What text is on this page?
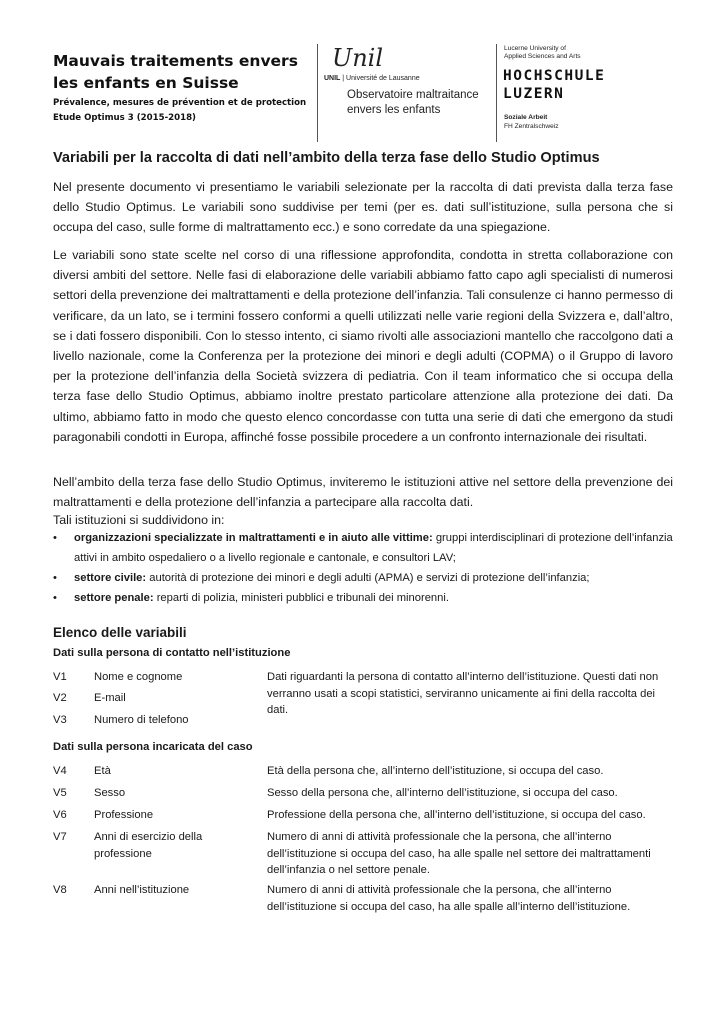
Mauvais traitements envers
les enfants en Suisse
Prévalence, mesures de prévention et de protection
Etude Optimus 3 (2015-2018)
Unil
UNIL | Université de Lausanne
Observatoire maltraitance
envers les enfants
Lucerne University of
Applied Sciences and Arts
HOCHSCHULE
LUZERN
Soziale Arbeit
FH Zentralschweiz
Variabili per la raccolta di dati nell’ambito della terza fase dello Studio Optimus
Nel presente documento vi presentiamo le variabili selezionate per la raccolta di dati prevista dalla terza fase dello Studio Optimus. Le variabili sono suddivise per temi (per es. dati sull’istituzione, sulla persona che si occupa del caso, sulle forme di maltrattamento ecc.) e sono corredate da una spiegazione.
Le variabili sono state scelte nel corso di una riflessione approfondita, condotta in stretta collaborazione con diversi ambiti del settore. Nelle fasi di elaborazione delle variabili abbiamo fatto capo agli specialisti di numerosi settori della prevenzione dei maltrattamenti e della protezione dell’infanzia. Tali consulenze ci hanno permesso di verificare, da un lato, se i termini fossero conformi a quelli utilizzati nelle varie regioni della Svizzera e, dall’altro, se i dati fossero disponibili. Con lo stesso intento, ci siamo rivolti alle associazioni mantello che raccolgono dati a livello nazionale, come la Conferenza per la protezione dei minori e degli adulti (COPMA) o il Gruppo di lavoro per la protezione dell’infanzia della Società svizzera di pediatria. Con il team informatico che si occupa della terza fase dello Studio Optimus, abbiamo inoltre prestato particolare attenzione alla protezione dei dati. Da ultimo, abbiamo fatto in modo che questo elenco concordasse con tutta una serie di dati che emergono da studi paragonabili condotti in Europa, affinché fosse possibile procedere a un confronto internazionale dei risultati.
Nell’ambito della terza fase dello Studio Optimus, inviteremo le istituzioni attive nel settore della prevenzione dei maltrattamenti e della protezione dell’infanzia a partecipare alla raccolta dati.
Tali istituzioni si suddividono in:
• organizzazioni specializzate in maltrattamenti e in aiuto alle vittime: gruppi interdisciplinari di protezione dell’infanzia attivi in ambito ospedaliero o a livello regionale e cantonale, e consultori LAV;
• settore civile: autorità di protezione dei minori e degli adulti (APMA) e servizi di protezione dell’infanzia;
• settore penale: reparti di polizia, ministeri pubblici e tribunali dei minorenni.
Elenco delle variabili
Dati sulla persona di contatto nell’istituzione
V1 Nome e cognome
V2 E-mail
V3 Numero di telefono
Dati riguardanti la persona di contatto all’interno dell’istituzione. Questi dati non verranno usati a scopi statistici, serviranno unicamente ai fini della raccolta dei dati.
Dati sulla persona incaricata del caso
V4 Età	Età della persona che, all’interno dell’istituzione, si occupa del caso.
V5 Sesso	Sesso della persona che, all’interno dell’istituzione, si occupa del caso.
V6 Professione	Professione della persona che, all’interno dell’istituzione, si occupa del caso.
V7 Anni di esercizio della professione
Numero di anni di attività professionale che la persona, che all’interno dell’istituzione si occupa del caso, ha alle spalle nel settore dei maltrattamenti dell’infanzia o nel settore penale.
V8 Anni nell’istituzione	Numero di anni di attività professionale che la persona, che all’interno dell’istituzione si occupa del caso, ha alle spalle all’interno dell’istituzione.
